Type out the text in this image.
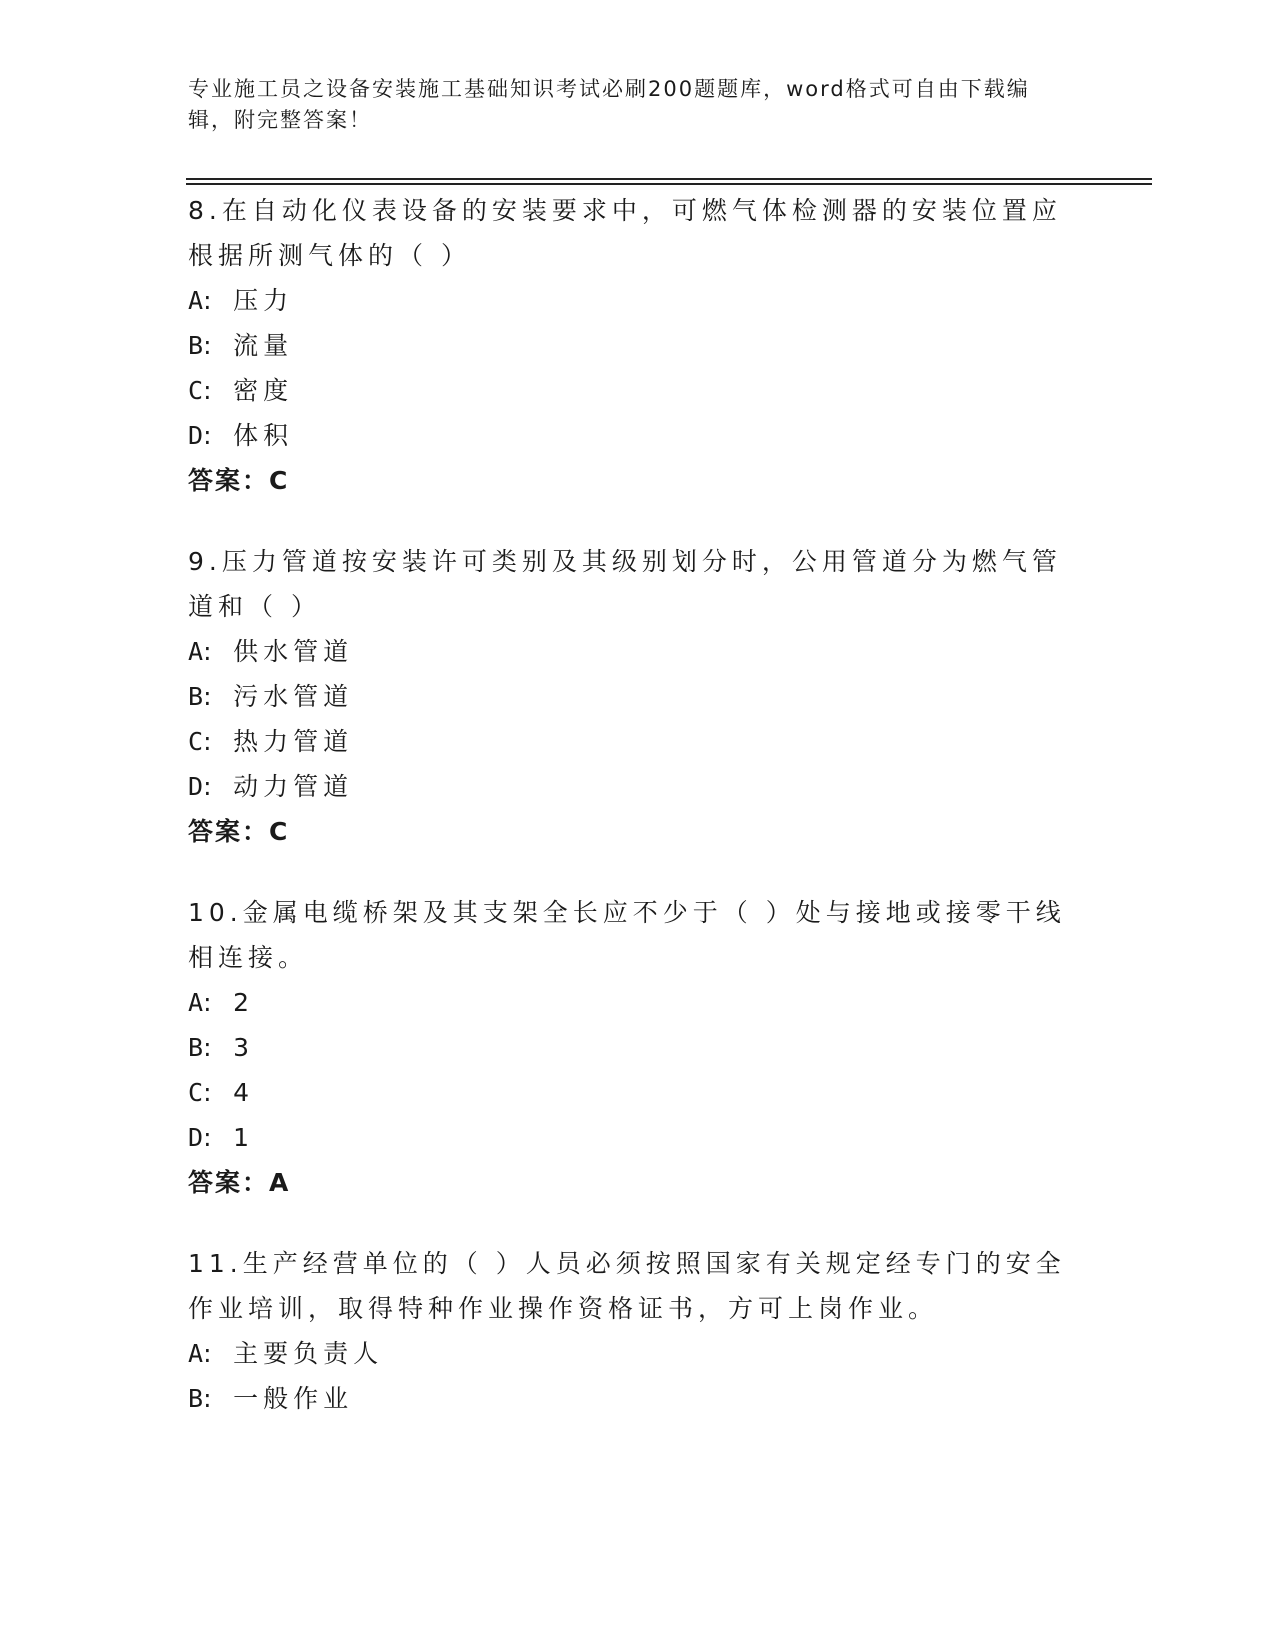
专业施工员之设备安装施工基础知识考试必刷200题题库，word格式可自由下载编辑，附完整答案！

8.在自动化仪表设备的安装要求中，可燃气体检测器的安装位置应根据所测气体的（ ）

A: 压力

B: 流量

C: 密度

D: 体积

答案：C

9.压力管道按安装许可类别及其级别划分时，公用管道分为燃气管道和（ ）

A: 供水管道

B: 污水管道

C: 热力管道

D: 动力管道

答案：C

10.金属电缆桥架及其支架全长应不少于（ ）处与接地或接零干线相连接。

A: 2

B: 3

C: 4

D: 1

答案：A

11.生产经营单位的（ ）人员必须按照国家有关规定经专门的安全作业培训，取得特种作业操作资格证书，方可上岗作业。

A: 主要负责人

B: 一般作业
